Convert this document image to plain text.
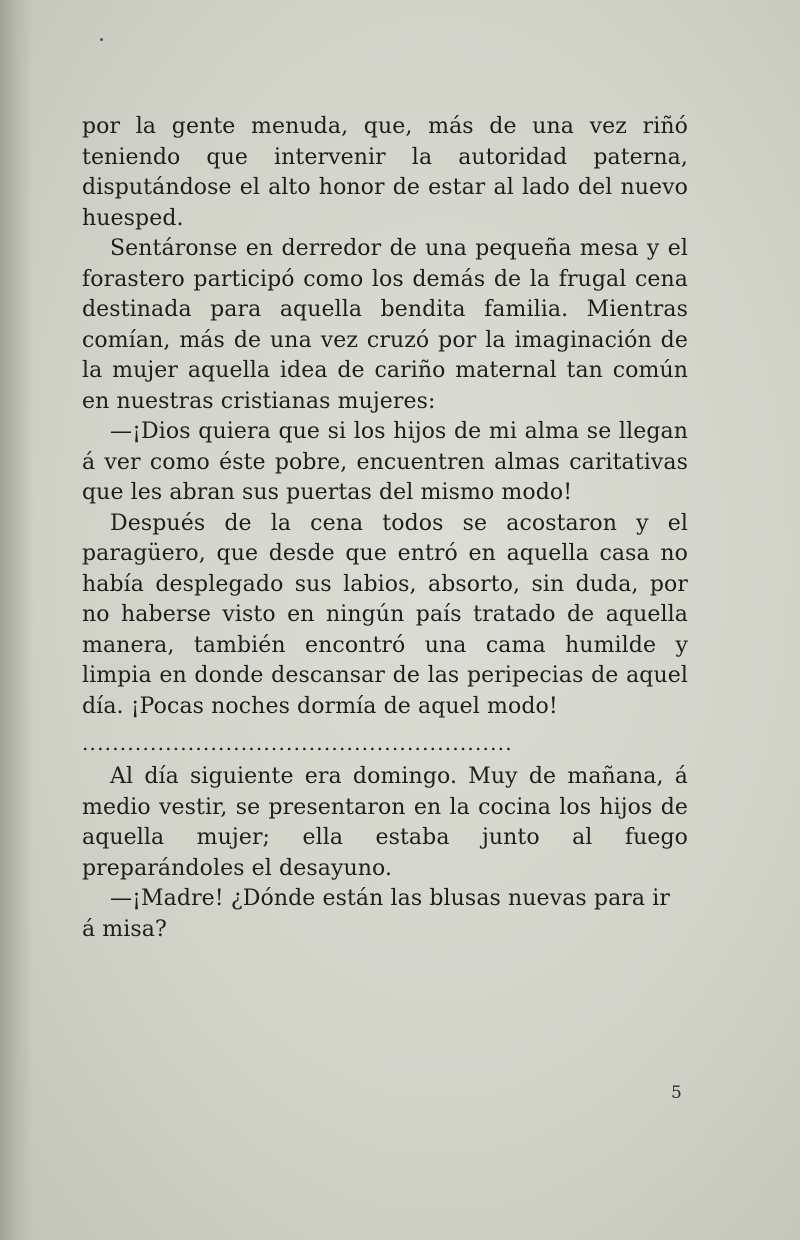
por la gente menuda, que, más de una vez riñó teniendo que intervenir la autoridad paterna, disputándose el alto honor de estar al lado del nuevo huesped.

Sentáronse en derredor de una pequeña mesa y el forastero participó como los demás de la frugal cena destinada para aquella bendita familia. Mientras comían, más de una vez cruzó por la imaginación de la mujer aquella idea de cariño maternal tan común en nuestras cristianas mujeres:

—¡Dios quiera que si los hijos de mi alma se llegan á ver como éste pobre, encuentren almas caritativas que les abran sus puertas del mismo modo!

Después de la cena todos se acostaron y el paragüero, que desde que entró en aquella casa no había desplegado sus labios, absorto, sin duda, por no haberse visto en ningún país tratado de aquella manera, también encontró una cama humilde y limpia en donde descansar de las peripecias de aquel día. ¡Pocas noches dormía de aquel modo!

.........................................................

Al día siguiente era domingo. Muy de mañana, á medio vestir, se presentaron en la cocina los hijos de aquella mujer; ella estaba junto al fuego preparándoles el desayuno.

—¡Madre! ¿Dónde están las blusas nuevas para ir á misa?

5
